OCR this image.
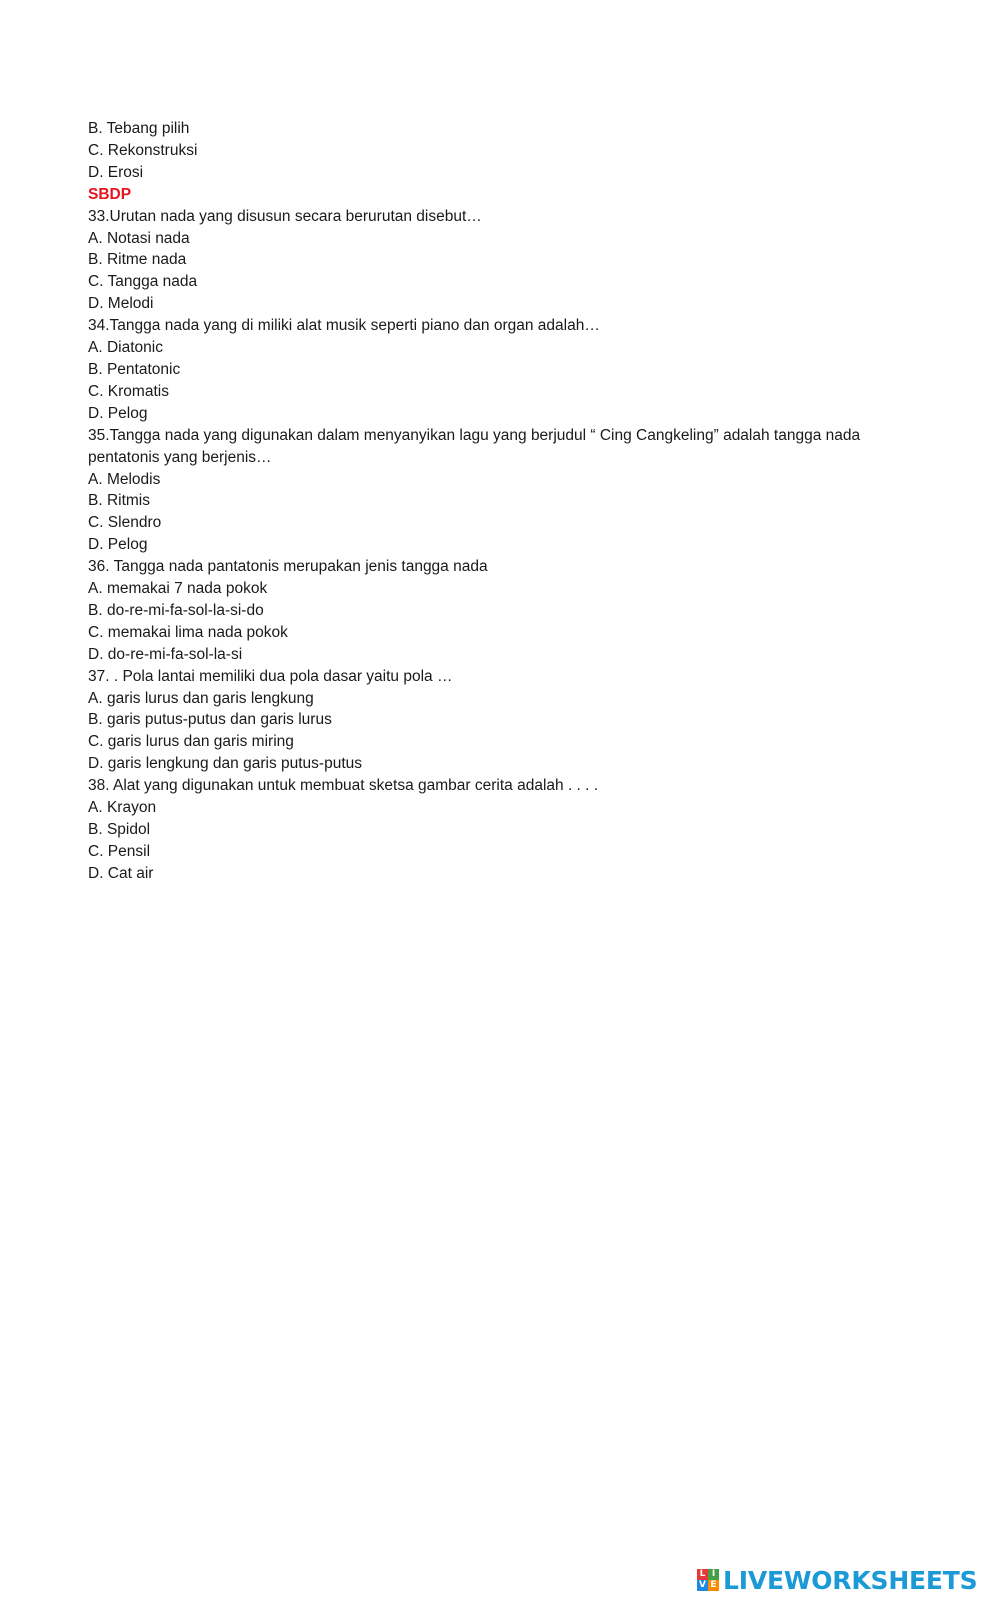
B. Tebang pilih
C. Rekonstruksi
D. Erosi
SBDP
33.Urutan nada yang disusun secara berurutan disebut…
A. Notasi nada
B. Ritme nada
C. Tangga nada
D. Melodi
34.Tangga nada yang di miliki alat musik seperti piano dan organ adalah…
A. Diatonic
B. Pentatonic
C. Kromatis
D. Pelog
35.Tangga nada yang digunakan dalam menyanyikan lagu yang berjudul “ Cing Cangkeling” adalah tangga nada pentatonis yang berjenis…
A. Melodis
B. Ritmis
C. Slendro
D. Pelog
36. Tangga nada pantatonis merupakan jenis tangga nada
A. memakai 7 nada pokok
B. do-re-mi-fa-sol-la-si-do
C. memakai lima nada pokok
D. do-re-mi-fa-sol-la-si
37. . Pola lantai memiliki dua pola dasar yaitu pola …
A. garis lurus dan garis lengkung
B. garis putus-putus dan garis lurus
C. garis lurus dan garis miring
D. garis lengkung dan garis putus-putus
38. Alat yang digunakan untuk membuat sketsa gambar cerita adalah . . . .
A. Krayon
B. Spidol
C. Pensil
D. Cat air
L I
V E LIVEWORKSHEETS
